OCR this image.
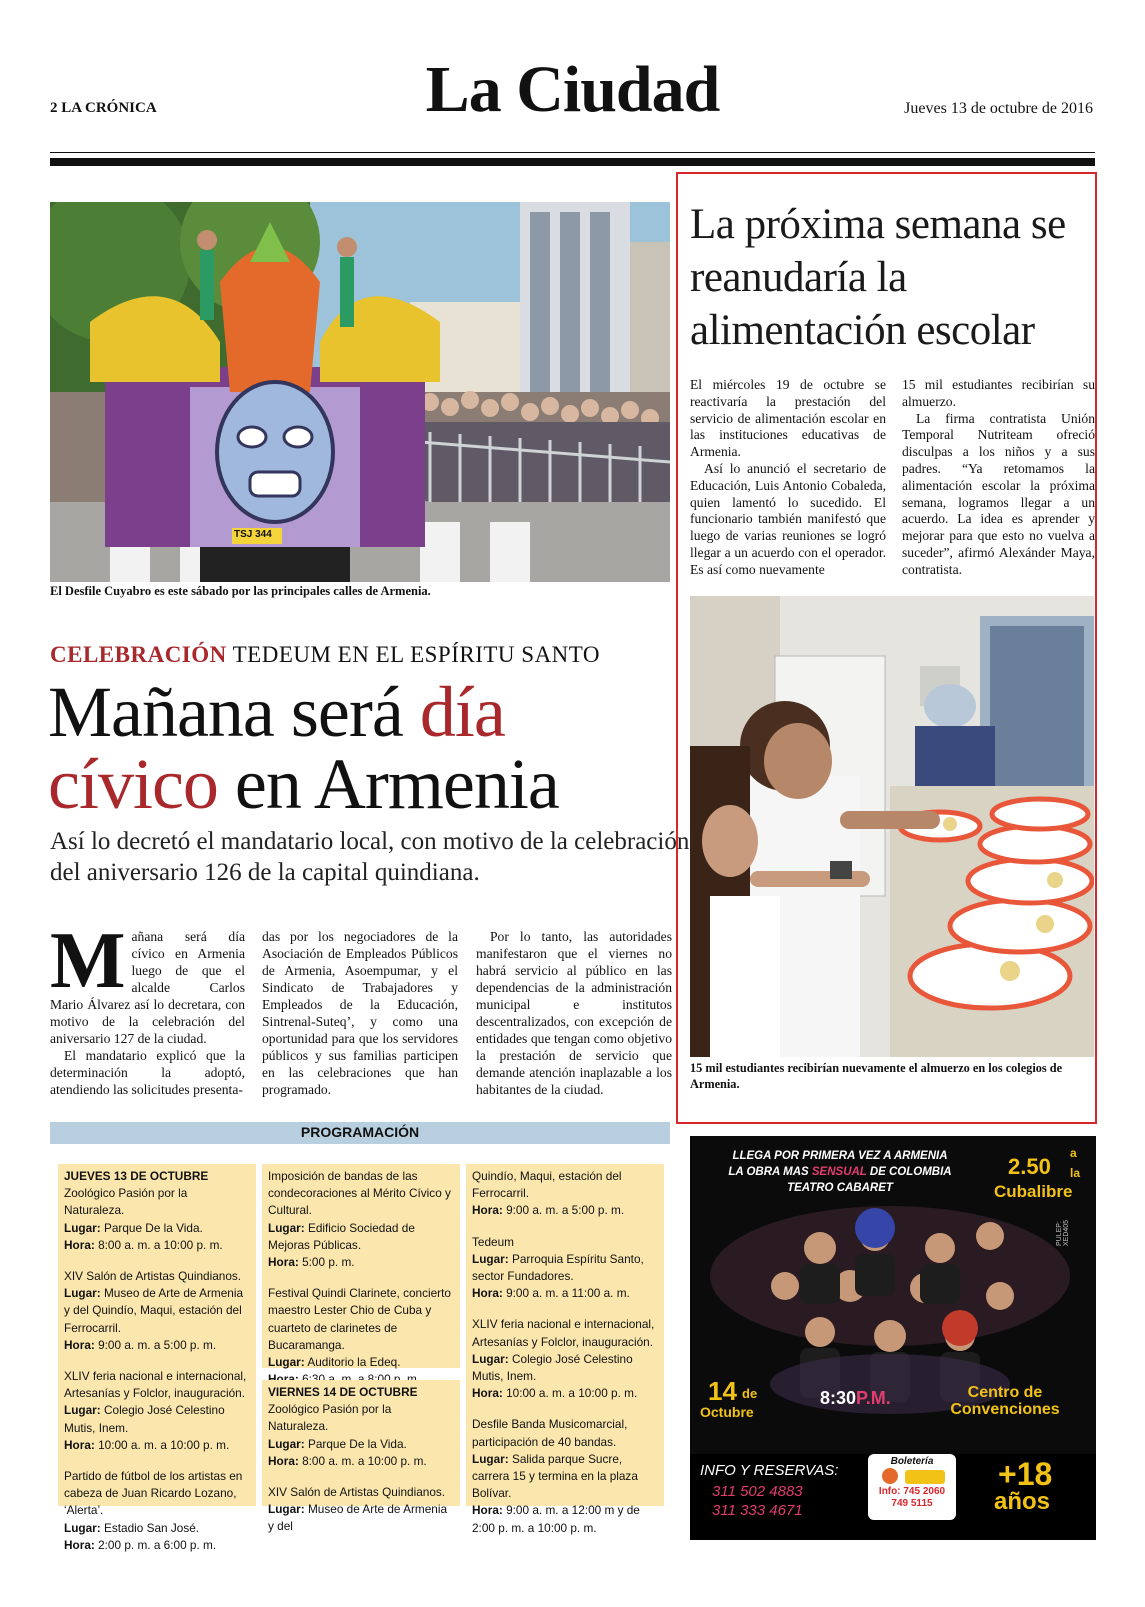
2 LA CRÓNICA	La Ciudad	Jueves 13 de octubre de 2016
TSJ 344
El Desfile Cuyabro es este sábado por las principales calles de Armenia.
CELEBRACIÓN TEDEUM EN EL ESPÍRITU SANTO
Mañana será día
cívico en Armenia
Así lo decretó el mandatario local, con motivo de la celebración del aniversario 126 de la capital quindiana.
M añana será día cívico en Armenia luego de que el alcalde Carlos Mario Álvarez así lo decretara, con motivo de la celebración del aniversario 127 de la ciudad.

El mandatario explicó que la determinación la adoptó, atendiendo las solicitudes presenta-

das por los negociadores de la Asociación de Empleados Públicos de Armenia, Asoempumar, y el Sindicato de Trabajadores y Empleados de la Educación, Sintrenal-Suteq’, y como una oportunidad para que los servidores públicos y sus familias participen en las celebraciones que han programado.

Por lo tanto, las autoridades manifestaron que el viernes no habrá servicio al público en las dependencias de la administración municipal e institutos descentralizados, con excepción de entidades que tengan como objetivo la prestación de servicio que demande atención inaplazable a los habitantes de la ciudad.

PROGRAMACIÓN
JUEVES 13 DE OCTUBRE
Zoológico Pasión por la Naturaleza.
Lugar: Parque De la Vida.
Hora: 8:00 a. m. a 10:00 p. m.
XIV Salón de Artistas Quindianos.
Lugar: Museo de Arte de Armenia y del Quindío, Maqui, estación del Ferrocarril.
Hora: 9:00 a. m. a 5:00 p. m.
XLIV feria nacional e internacional, Artesanías y Folclor, inauguración.
Lugar: Colegio José Celestino Mutis, Inem.
Hora: 10:00 a. m. a 10:00 p. m.
Partido de fútbol de los artistas en cabeza de Juan Ricardo Lozano, ‘Alerta’.
Lugar: Estadio San José.
Hora: 2:00 p. m. a 6:00 p. m.
Imposición de bandas de las condecoraciones al Mérito Cívico y Cultural.
Lugar: Edificio Sociedad de Mejoras Públicas.
Hora: 5:00 p. m.
Festival Quindi Clarinete, concierto maestro Lester Chio de Cuba y cuarteto de clarinetes de Bucaramanga.
Lugar: Auditorio la Edeq.
VIERNES 14 DE OCTUBRE
Zoológico Pasión por la Naturaleza.
Lugar: Parque De la Vida.
Hora: 8:00 a. m. a 10:00 p. m.
XIV Salón de Artistas Quindianos.
Lugar: Museo de Arte de Armenia y del
Quindío, Maqui, estación del Ferrocarril.
Hora: 9:00 a. m. a 5:00 p. m.
Tedeum
Lugar: Parroquia Espíritu Santo, sector Fundadores.
Hora: 9:00 a. m. a 11:00 a. m.
XLIV feria nacional e internacional, Artesanías y Folclor, inauguración.
Lugar: Colegio José Celestino Mutis, Inem.
Hora: 10:00 a. m. a 10:00 p. m.
Desfile Banda Musicomarcial, participación de 40 bandas.
Lugar: Salida parque Sucre, carrera 15 y termina en la plaza Bolívar.
Hora: 9:00 a. m. a 12:00 m y de 2:00 p. m. a 10:00 p. m.
La próxima semana se reanudaría la alimentación escolar

El miércoles 19 de octubre se reactivaría la prestación del servicio de alimentación escolar en las instituciones educativas de Armenia.

Así lo anunció el secretario de Educación, Luis Antonio Cobaleda, quien lamentó lo sucedido. El funcionario también manifestó que luego de varias reuniones se logró llegar a un acuerdo con el operador. Es así como nuevamente

15 mil estudiantes recibirían su almuerzo.

La firma contratista Unión Temporal Nutriteam ofreció disculpas a los niños y a sus padres. “Ya retomamos la alimentación escolar la próxima semana, logramos llegar a un acuerdo. La idea es aprender y mejorar para que esto no vuelva a suceder”, afirmó Alexánder Maya, contratista.

15 mil estudiantes recibirían nuevamente el almuerzo en los colegios de Armenia.
LLEGA POR PRIMERA VEZ A ARMENIA
LA OBRA MAS SENSUAL DE COLOMBIA
TEATRO CABARET
2.50
a
la
Cubalibre
PULEP: XED405
14 de
Octubre
8:30P.M.	Centro de
Convenciones
INFO Y RESERVAS:
311 502 4883
311 333 4671
Boletería
Info: 745 2060
749 5115
+18
años
